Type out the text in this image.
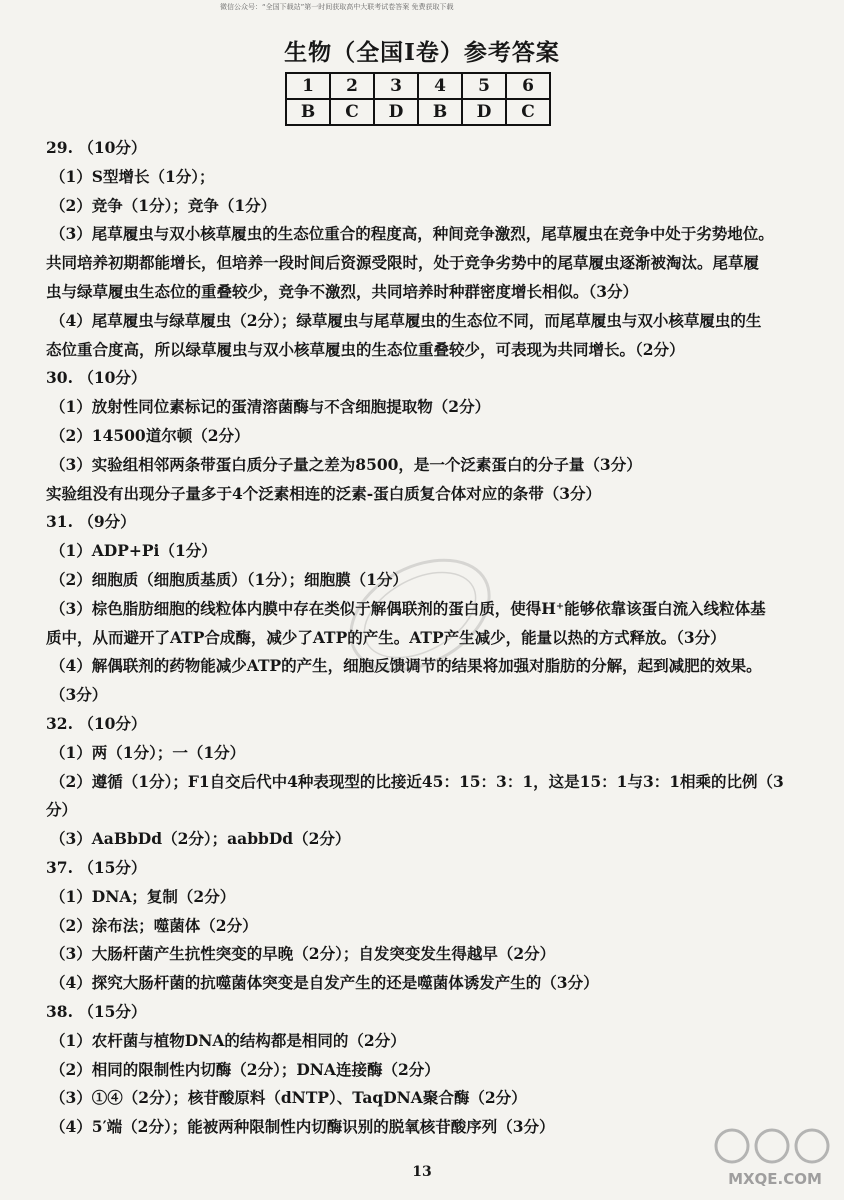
微信公众号：“全国下载站”第一时间获取高中大联考试卷答案 免费获取下载
生物（全国Ⅰ卷）参考答案
1	2	3	4	5	6
B	C	D	B	D	C
29. （10分）
（1）S型增长（1分）；
（2）竞争（1分）；竞争（1分）
（3）尾草履虫与双小核草履虫的生态位重合的程度高，种间竞争激烈，尾草履虫在竞争中处于劣势地位。
共同培养初期都能增长，但培养一段时间后资源受限时，处于竞争劣势中的尾草履虫逐渐被淘汰。尾草履
虫与绿草履虫生态位的重叠较少，竞争不激烈，共同培养时种群密度增长相似。（3分）
（4）尾草履虫与绿草履虫（2分）；绿草履虫与尾草履虫的生态位不同，而尾草履虫与双小核草履虫的生
态位重合度高，所以绿草履虫与双小核草履虫的生态位重叠较少，可表现为共同增长。（2分）
30. （10分）
（1）放射性同位素标记的蛋清溶菌酶与不含细胞提取物（2分）
（2）14500道尔顿（2分）
（3）实验组相邻两条带蛋白质分子量之差为8500，是一个泛素蛋白的分子量（3分）
实验组没有出现分子量多于4个泛素相连的泛素-蛋白质复合体对应的条带（3分）
31. （9分）
（1）ADP+Pi（1分）
（2）细胞质（细胞质基质）（1分）；细胞膜（1分）
（3）棕色脂肪细胞的线粒体内膜中存在类似于解偶联剂的蛋白质，使得H⁺能够依靠该蛋白流入线粒体基
质中，从而避开了ATP合成酶，减少了ATP的产生。ATP产生减少，能量以热的方式释放。（3分）
（4）解偶联剂的药物能减少ATP的产生，细胞反馈调节的结果将加强对脂肪的分解，起到减肥的效果。
（3分）
32. （10分）
（1）两（1分）；一（1分）
（2）遵循（1分）；F1自交后代中4种表现型的比接近45：15：3：1，这是15：1与3：1相乘的比例（3
分）
（3）AaBbDd（2分）；aabbDd（2分）
37. （15分）
（1）DNA；复制（2分）
（2）涂布法；噬菌体（2分）
（3）大肠杆菌产生抗性突变的早晚（2分）；自发突变发生得越早（2分）
（4）探究大肠杆菌的抗噬菌体突变是自发产生的还是噬菌体诱发产生的（3分）
38. （15分）
（1）农杆菌与植物DNA的结构都是相同的（2分）
（2）相同的限制性内切酶（2分）；DNA连接酶（2分）
（3）①④（2分）；核苷酸原料（dNTP）、TaqDNA聚合酶（2分）
（4）5′端（2分）；能被两种限制性内切酶识别的脱氧核苷酸序列（3分）
13	MXQE.COM
